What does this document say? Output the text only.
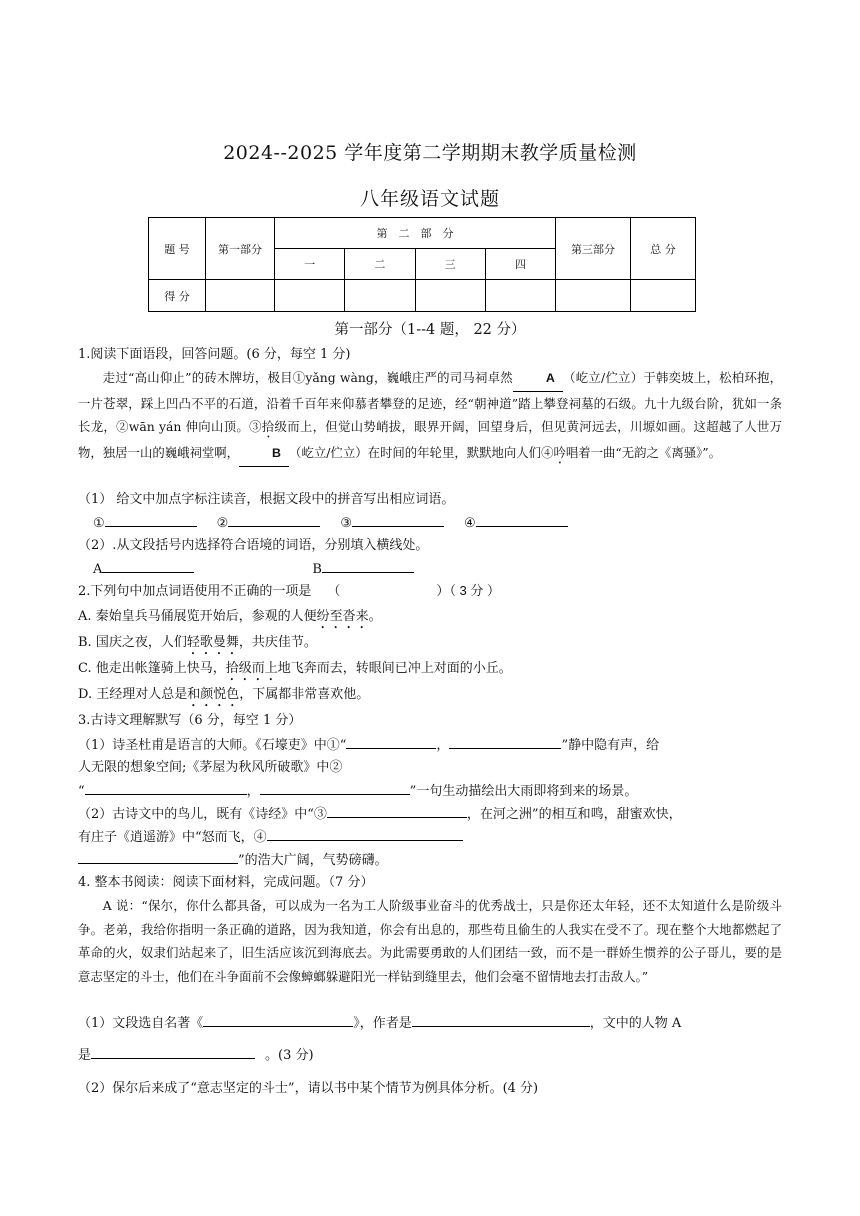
2024--2025 学年度第二学期期末教学质量检测
八年级语文试题
题 号	第一部分	第　二　部　分				第三部分	总 分
		一	二	三	四		
得 分							
第一部分（1--4 题， 22 分）
1.阅读下面语段，回答问题。(6 分，每空 1 分)

走过“高山仰止”的砖木牌坊，极目①yǎng wàng，巍峨庄严的司马祠卓然	A （屹立/伫立）于韩奕坡上，松柏环抱，一片苍翠，踩上凹凸不平的石道，沿着千百年来仰慕者攀登的足迹，经“朝神道”踏上攀登祠墓的石级。九十九级台阶，犹如一条长龙，②wān yán 伸向山顶。③拾级而上，但觉山势峭拔，眼界开阔，回望身后，但见黄河远去，川塬如画。这超越了人世万物，独居一山的巍峨祠堂啊，	B （屹立/伫立）在时间的年轮里，默默地向人们④吟唱着一曲“无韵之《离骚》”。

（1） 给文中加点字标注读音，根据文段中的拼音写出相应词语。
①	②	③	④
（2）.从文段括号内选择符合语境的词语，分别填入横线处。
A	B
2.下列句中加点词语使用不正确的一项是 （	）（ 3 分 ）
A. 秦始皇兵马俑展览开始后，参观的人便纷至沓来。
B. 国庆之夜，人们轻歌曼舞，共庆佳节。
C. 他走出帐篷骑上快马，拾级而上地飞奔而去，转眼间已冲上对面的小丘。
D. 王经理对人总是和颜悦色，下属都非常喜欢他。
3.古诗文理解默写（6 分，每空 1 分）
（1）诗圣杜甫是语言的大师。《石壕吏》中①“	，	”静中隐有声，给
人无限的想象空间;《茅屋为秋风所破歌》中②
“	，	”一句生动描绘出大雨即将到来的场景。
（2）古诗文中的鸟儿，既有《诗经》中“③	，在河之洲”的相互和鸣，甜蜜欢快，
有庄子《逍遥游》中“怒而飞，④
”的浩大广阔，气势磅礴。
4. 整本书阅读：阅读下面材料，完成问题。（7 分）

A 说：“保尔，你什么都具备，可以成为一名为工人阶级事业奋斗的优秀战士，只是你还太年轻，还不太知道什么是阶级斗争。老弟，我给你指明一条正确的道路，因为我知道，你会有出息的，那些苟且偷生的人我实在受不了。现在整个大地都燃起了革命的火，奴隶们站起来了，旧生活应该沉到海底去。为此需要勇敢的人们团结一致，而不是一群娇生惯养的公子哥儿，要的是意志坚定的斗士，他们在斗争面前不会像蟑螂躲避阳光一样钻到缝里去，他们会毫不留情地去打击敌人。”

（1）文段选自名著《	》，作者是	，文中的人物 A
是	。(3 分)
（2）保尔后来成了“意志坚定的斗士”，请以书中某个情节为例具体分析。(4 分)
